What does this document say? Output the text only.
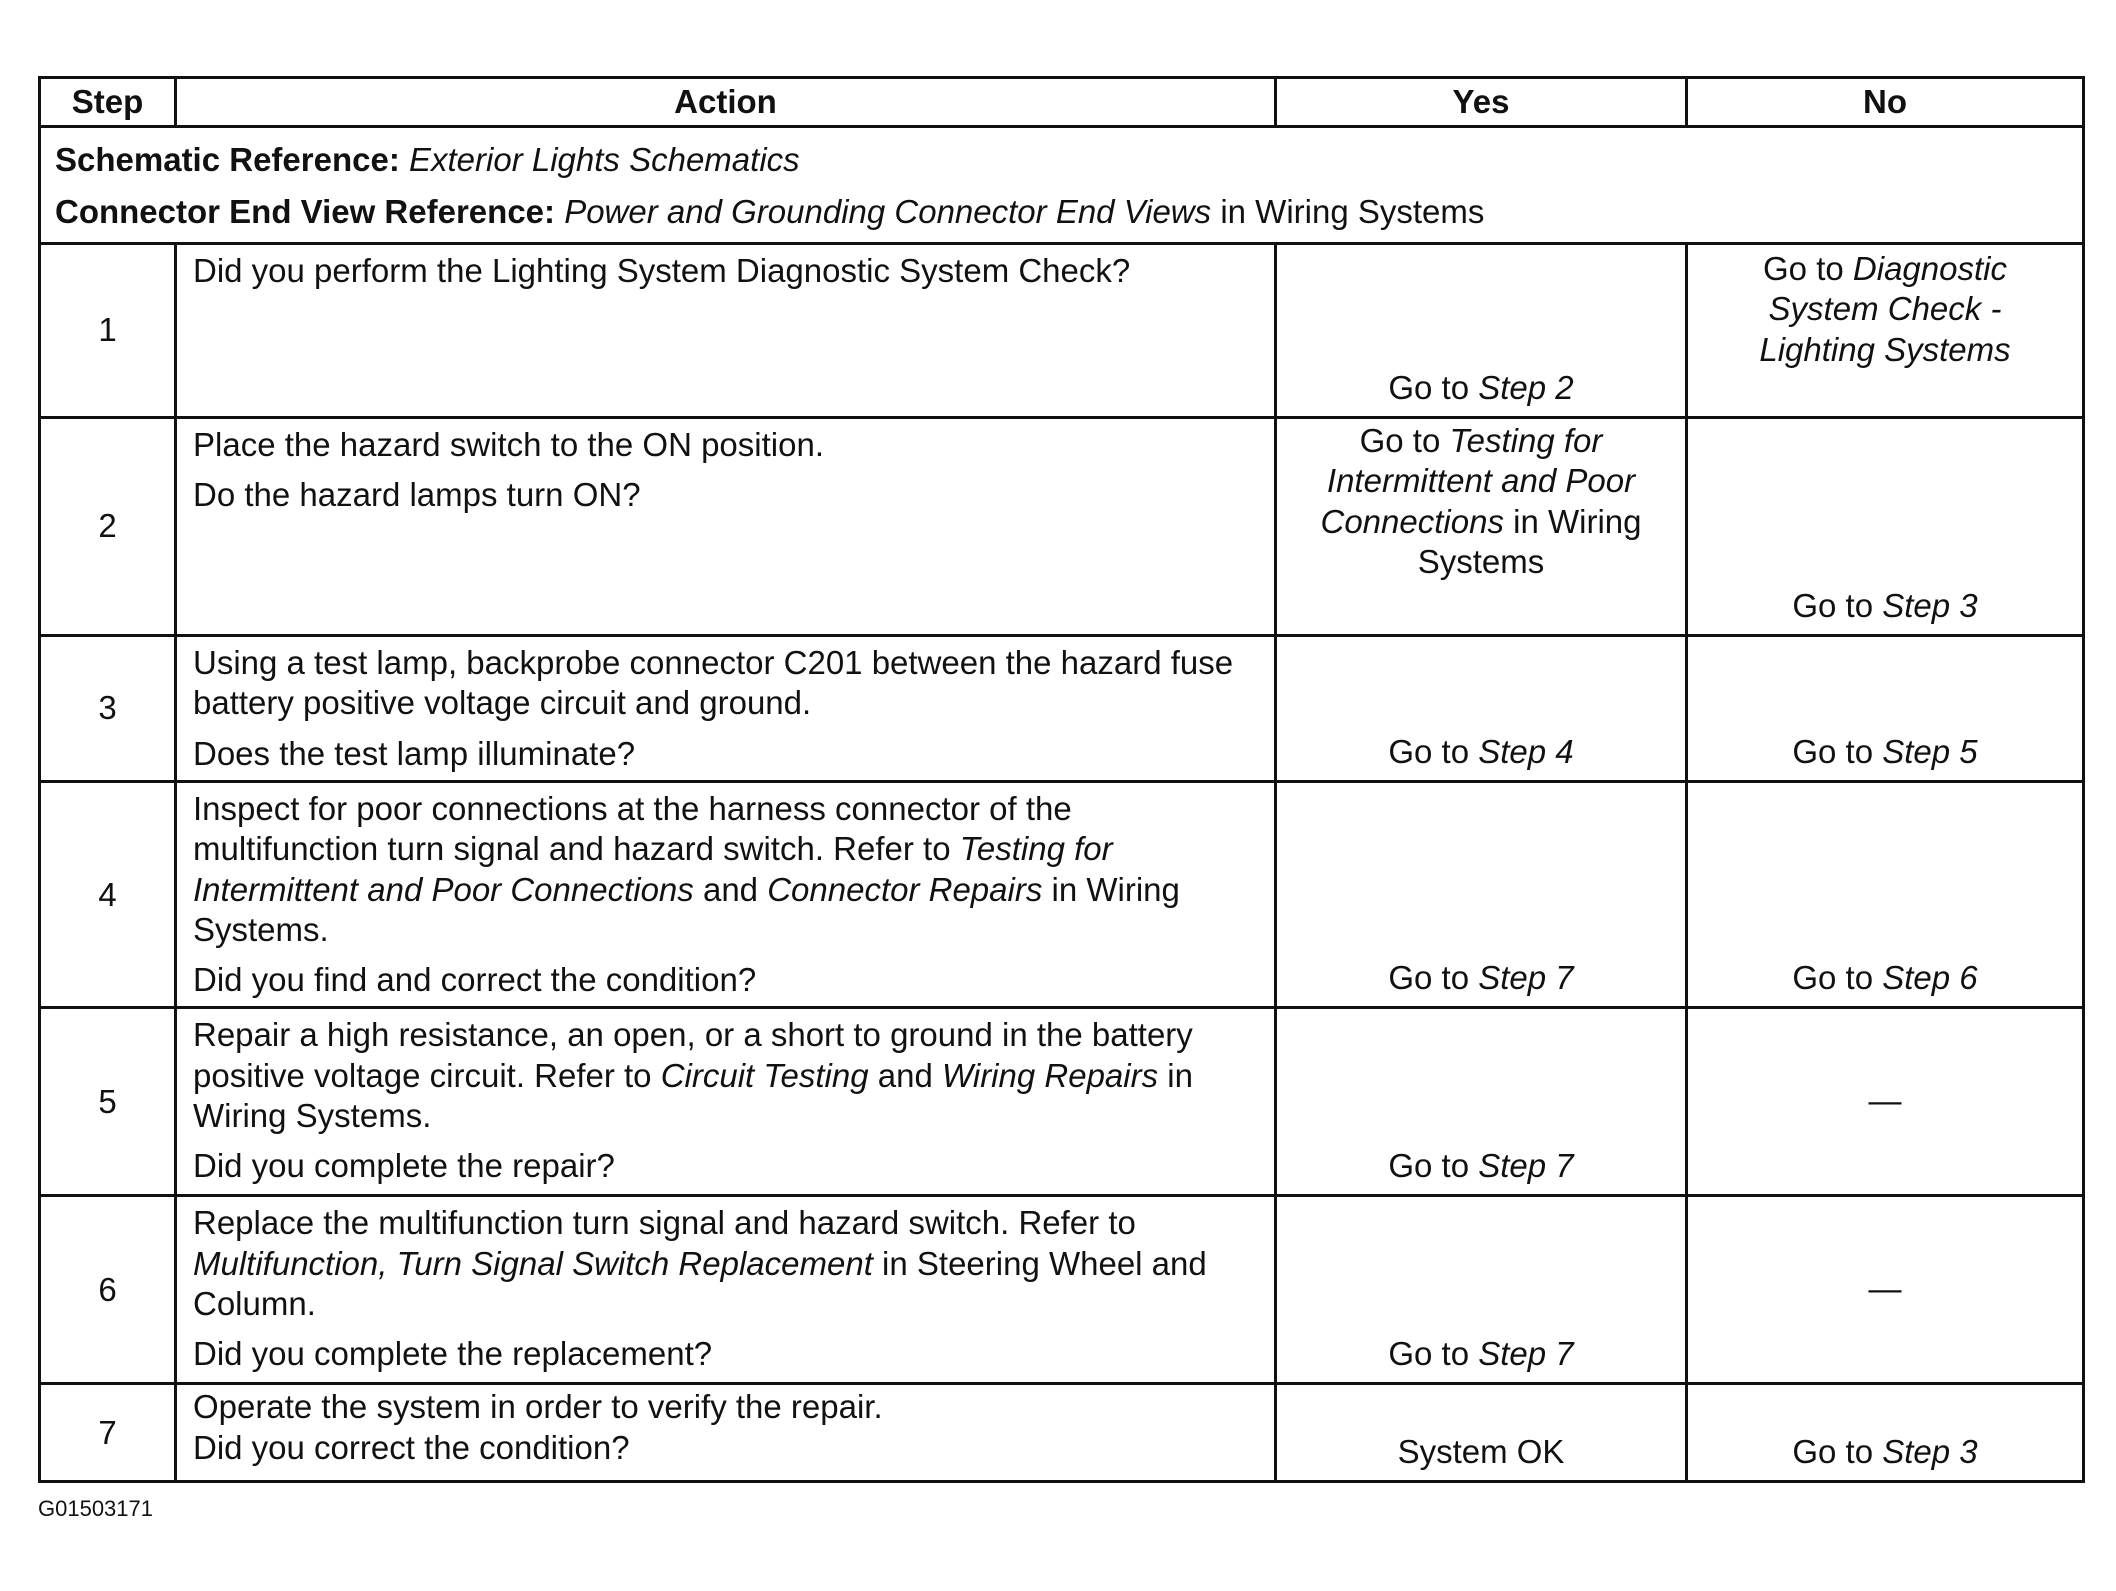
Step	Action	Yes	No

Schematic Reference: Exterior Lights Schematics

Connector End View Reference: Power and Grounding Connector End Views in Wiring Systems			

1	Did you perform the Lighting System Diagnostic System Check?	Go to Step 2	Go to Diagnostic System Check - Lighting Systems
2	Place the hazard switch to the ON position.

Do the hazard lamps turn ON?	Go to Testing for Intermittent and Poor Connections in Wiring Systems	Go to Step 3
3	Using a test lamp, backprobe connector C201 between the hazard fuse battery positive voltage circuit and ground.

Does the test lamp illuminate?	Go to Step 4	Go to Step 5
4	Inspect for poor connections at the harness connector of the multifunction turn signal and hazard switch. Refer to Testing for Intermittent and Poor Connections and Connector Repairs in Wiring Systems.

Did you find and correct the condition?	Go to Step 7	Go to Step 6
5	Repair a high resistance, an open, or a short to ground in the battery positive voltage circuit. Refer to Circuit Testing and Wiring Repairs in Wiring Systems.

Did you complete the repair?	Go to Step 7	—
6	Replace the multifunction turn signal and hazard switch. Refer to Multifunction, Turn Signal Switch Replacement in Steering Wheel and Column.

Did you complete the replacement?	Go to Step 7	—
7	Operate the system in order to verify the repair.

Did you correct the condition?	System OK	Go to Step 3
G01503171
